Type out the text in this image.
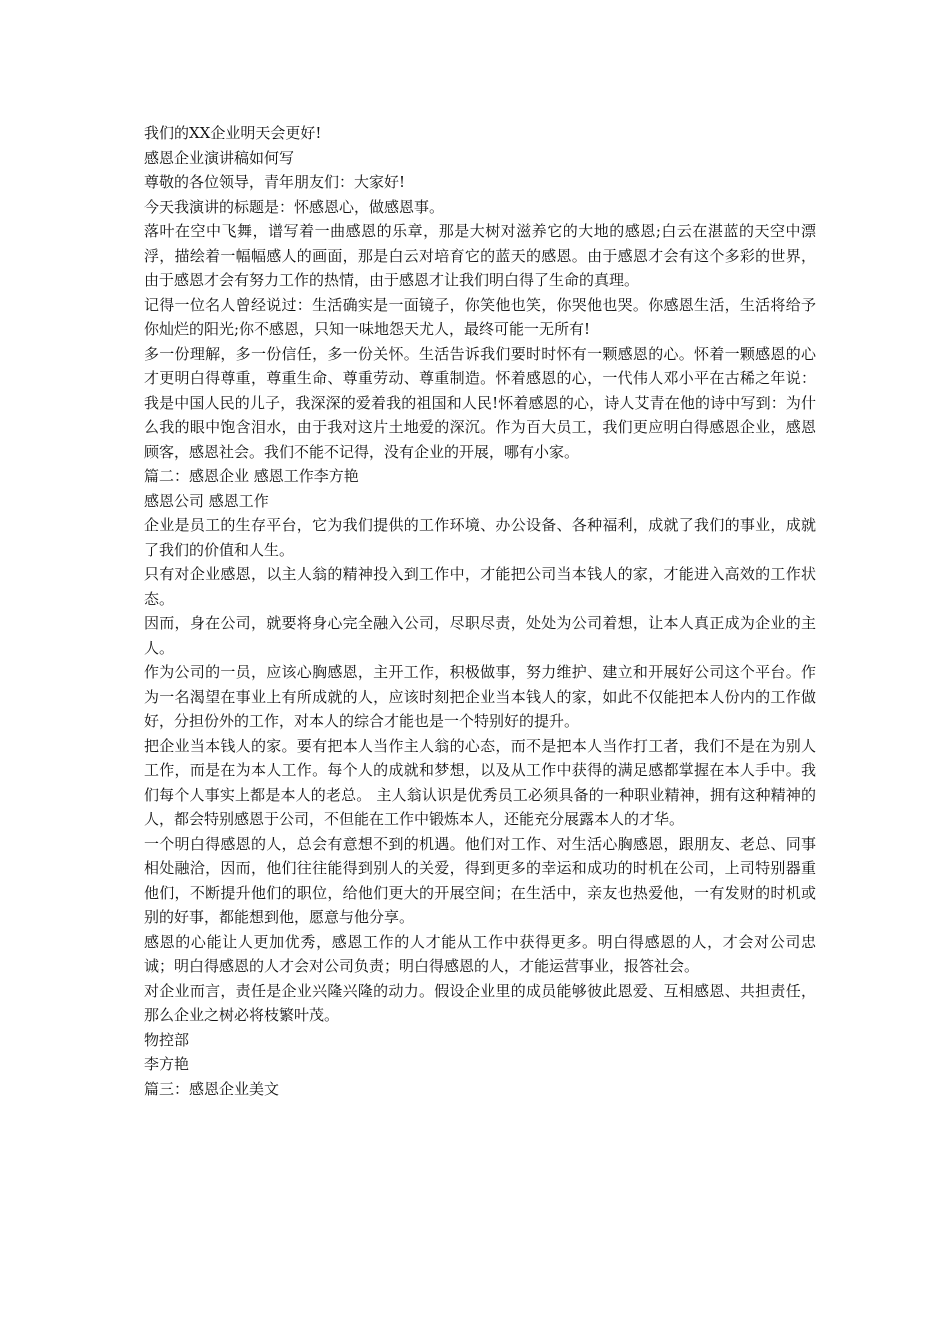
我们的XX企业明天会更好!

感恩企业演讲稿如何写

尊敬的各位领导，青年朋友们：大家好!

今天我演讲的标题是：怀感恩心，做感恩事。

落叶在空中飞舞，谱写着一曲感恩的乐章，那是大树对滋养它的大地的感恩;白云在湛蓝的天空中漂浮，描绘着一幅幅感人的画面，那是白云对培育它的蓝天的感恩。由于感恩才会有这个多彩的世界，由于感恩才会有努力工作的热情，由于感恩才让我们明白得了生命的真理。

记得一位名人曾经说过：生活确实是一面镜子，你笑他也笑，你哭他也哭。你感恩生活，生活将给予你灿烂的阳光;你不感恩，只知一味地怨天尤人，最终可能一无所有!

多一份理解，多一份信任，多一份关怀。生活告诉我们要时时怀有一颗感恩的心。怀着一颗感恩的心才更明白得尊重，尊重生命、尊重劳动、尊重制造。怀着感恩的心，一代伟人邓小平在古稀之年说：我是中国人民的儿子，我深深的爱着我的祖国和人民!怀着感恩的心，诗人艾青在他的诗中写到：为什么我的眼中饱含泪水，由于我对这片土地爱的深沉。作为百大员工，我们更应明白得感恩企业，感恩顾客，感恩社会。我们不能不记得，没有企业的开展，哪有小家。

篇二：感恩企业 感恩工作李方艳

感恩公司 感恩工作

企业是员工的生存平台，它为我们提供的工作环境、办公设备、各种福利，成就了我们的事业，成就了我们的价值和人生。

只有对企业感恩，以主人翁的精神投入到工作中，才能把公司当本钱人的家，才能进入高效的工作状态。

因而，身在公司，就要将身心完全融入公司，尽职尽责，处处为公司着想，让本人真正成为企业的主人。

作为公司的一员，应该心胸感恩，主开工作，积极做事，努力维护、建立和开展好公司这个平台。作为一名渴望在事业上有所成就的人，应该时刻把企业当本钱人的家，如此不仅能把本人份内的工作做好，分担份外的工作，对本人的综合才能也是一个特别好的提升。

把企业当本钱人的家。要有把本人当作主人翁的心态，而不是把本人当作打工者，我们不是在为别人工作，而是在为本人工作。每个人的成就和梦想，以及从工作中获得的满足感都掌握在本人手中。我们每个人事实上都是本人的老总。 主人翁认识是优秀员工必须具备的一种职业精神，拥有这种精神的人，都会特别感恩于公司，不但能在工作中锻炼本人，还能充分展露本人的才华。

一个明白得感恩的人，总会有意想不到的机遇。他们对工作、对生活心胸感恩，跟朋友、老总、同事相处融洽，因而，他们往往能得到别人的关爱，得到更多的幸运和成功的时机在公司，上司特别器重他们，不断提升他们的职位，给他们更大的开展空间；在生活中，亲友也热爱他，一有发财的时机或别的好事，都能想到他，愿意与他分享。

感恩的心能让人更加优秀，感恩工作的人才能从工作中获得更多。明白得感恩的人，才会对公司忠诚；明白得感恩的人才会对公司负责；明白得感恩的人，才能运营事业，报答社会。

对企业而言，责任是企业兴隆兴隆的动力。假设企业里的成员能够彼此恩爱、互相感恩、共担责任，那么企业之树必将枝繁叶茂。

物控部

李方艳

篇三：感恩企业美文
